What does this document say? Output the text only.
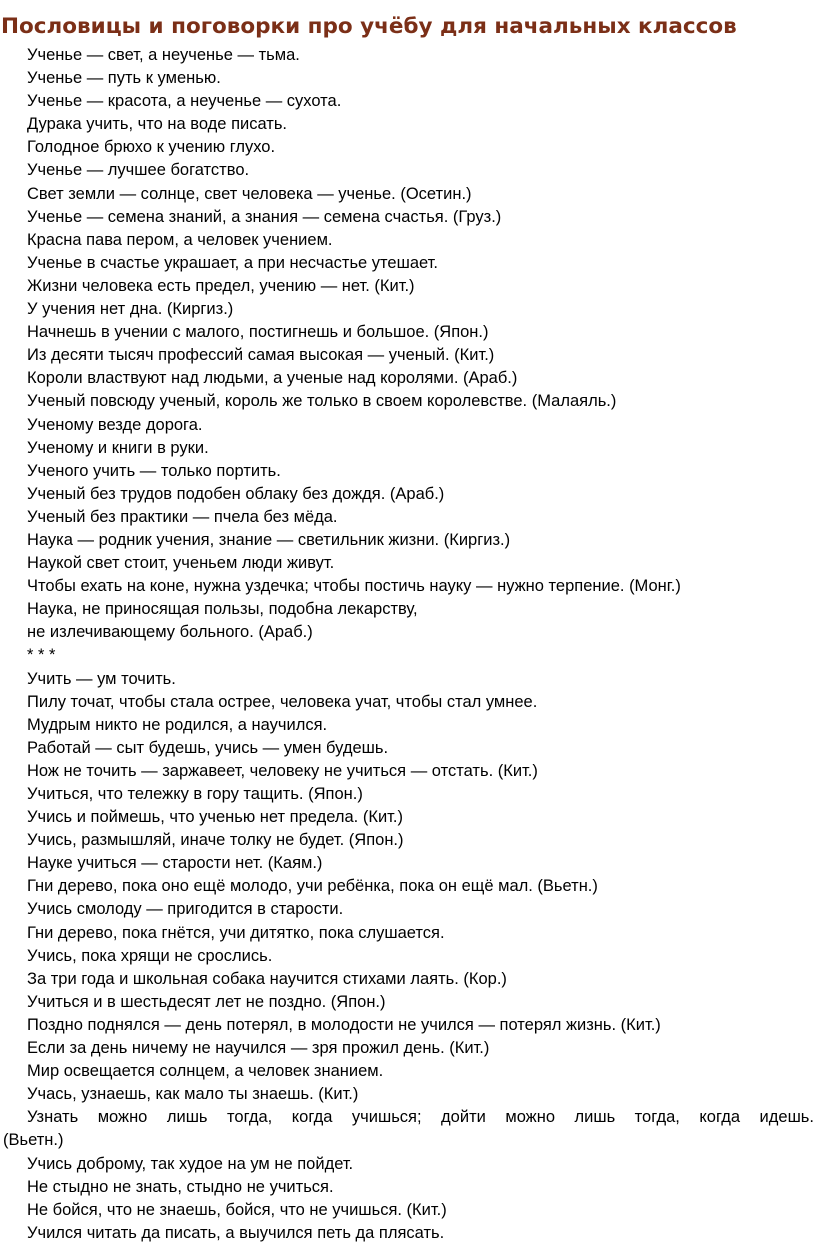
Пословицы и поговорки про учёбу для начальных классов
Ученье — свет, а неученье — тьма.
Ученье — путь к уменью.
Ученье — красота, а неученье — сухота.
Дурака учить, что на воде писать.
Голодное брюхо к учению глухо.
Ученье — лучшее богатство.
Свет земли — солнце, свет человека — ученье. (Осетин.)
Ученье — семена знаний, а знания — семена счастья. (Груз.)
Красна пава пером, а человек учением.
Ученье в счастье украшает, а при несчастье утешает.
Жизни человека есть предел, учению — нет. (Кит.)
У учения нет дна. (Киргиз.)
Начнешь в учении с малого, постигнешь и большое. (Япон.)
Из десяти тысяч профессий самая высокая — ученый. (Кит.)
Короли властвуют над людьми, а ученые над королями. (Араб.)
Ученый повсюду ученый, король же только в своем королевстве. (Малаяль.)
Ученому везде дорога.
Ученому и книги в руки.
Ученого учить — только портить.
Ученый без трудов подобен облаку без дождя. (Араб.)
Ученый без практики — пчела без мёда.
Наука — родник учения, знание — светильник жизни. (Киргиз.)
Наукой свет стоит, ученьем люди живут.
Чтобы ехать на коне, нужна уздечка; чтобы постичь науку — нужно терпение. (Монг.)
Наука, не приносящая пользы, подобна лекарству,
не излечивающему больного. (Араб.)
* * *
Учить — ум точить.
Пилу точат, чтобы стала острее, человека учат, чтобы стал умнее.
Мудрым никто не родился, а научился.
Работай — сыт будешь, учись — умен будешь.
Нож не точить — заржавеет, человеку не учиться — отстать. (Кит.)
Учиться, что тележку в гору тащить. (Япон.)
Учись и поймешь, что ученью нет предела. (Кит.)
Учись, размышляй, иначе толку не будет. (Япон.)
Науке учиться — старости нет. (Каям.)
Гни дерево, пока оно ещё молодо, учи ребёнка, пока он ещё мал. (Вьетн.)
Учись смолоду — пригодится в старости.
Гни дерево, пока гнётся, учи дитятко, пока слушается.
Учись, пока хрящи не срослись.
За три года и школьная собака научится стихами лаять. (Кор.)
Учиться и в шестьдесят лет не поздно. (Япон.)
Поздно поднялся — день потерял, в молодости не учился — потерял жизнь. (Кит.)
Если за день ничему не научился — зря прожил день. (Кит.)
Мир освещается солнцем, а человек знанием.
Учась, узнаешь, как мало ты знаешь. (Кит.)
Узнать можно лишь тогда, когда учишься; дойти можно лишь тогда, когда идешь.
(Вьетн.)
Учись доброму, так худое на ум не пойдет.
Не стыдно не знать, стыдно не учиться.
Не бойся, что не знаешь, бойся, что не учишься. (Кит.)
Учился читать да писать, а выучился петь да плясать.
